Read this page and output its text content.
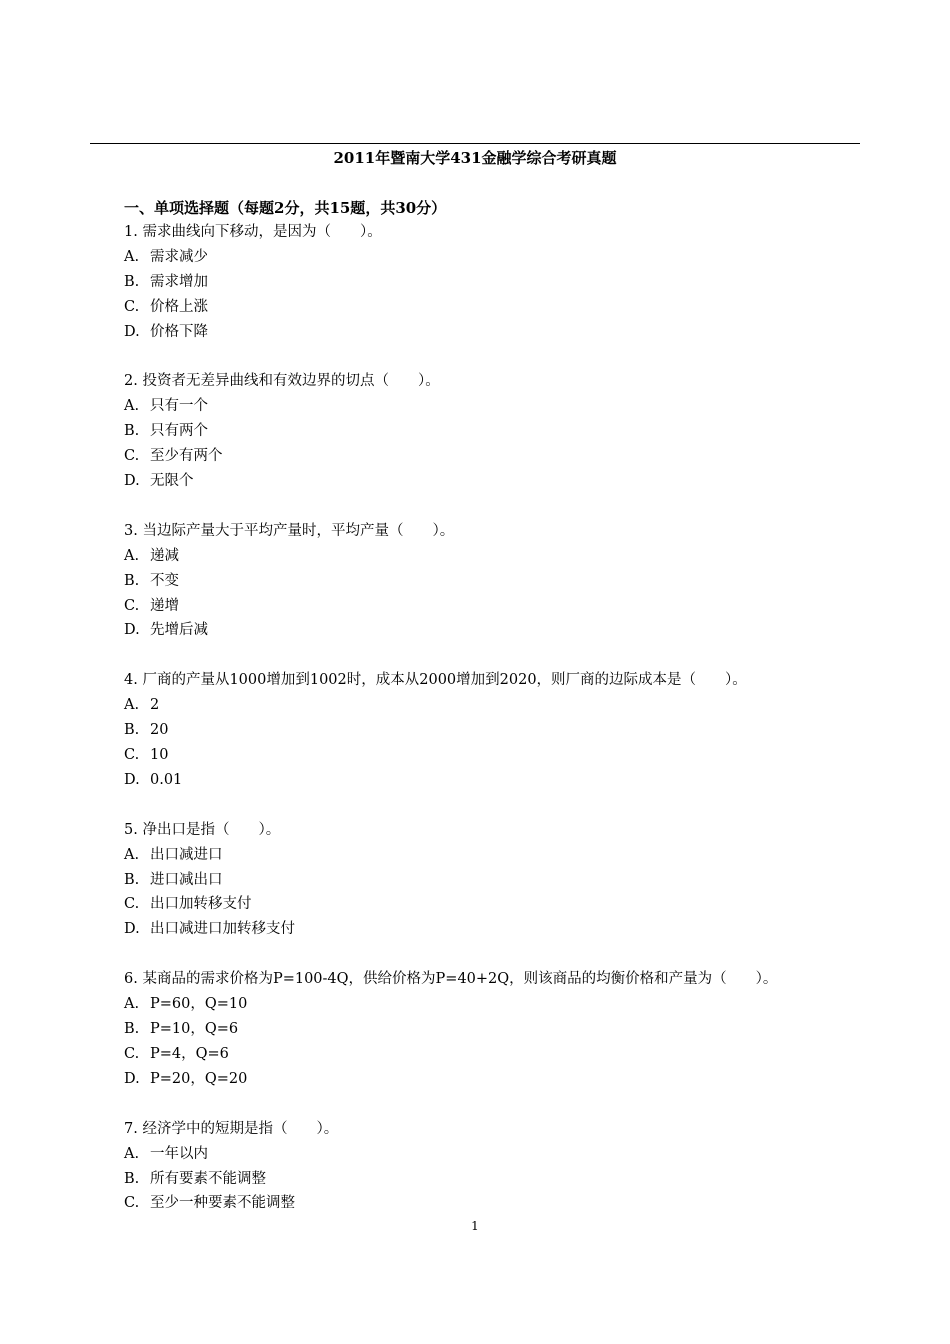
2011年暨南大学431金融学综合考研真题
一、单项选择题（每题2分，共15题，共30分）
1. 需求曲线向下移动，是因为（　　）。
A. 需求减少
B. 需求增加
C. 价格上涨
D. 价格下降
2. 投资者无差异曲线和有效边界的切点（　　）。
A. 只有一个
B. 只有两个
C. 至少有两个
D. 无限个
3. 当边际产量大于平均产量时，平均产量（　　）。
A. 递减
B. 不变
C. 递增
D. 先增后减
4. 厂商的产量从1000增加到1002时，成本从2000增加到2020，则厂商的边际成本是（　　）。
A. 2
B. 20
C. 10
D. 0.01
5. 净出口是指（　　）。
A. 出口减进口
B. 进口减出口
C. 出口加转移支付
D. 出口减进口加转移支付
6. 某商品的需求价格为P=100-4Q，供给价格为P=40+2Q，则该商品的均衡价格和产量为（　　）。
A. P=60，Q=10
B. P=10，Q=6
C. P=4，Q=6
D. P=20，Q=20
7. 经济学中的短期是指（　　）。
A. 一年以内
B. 所有要素不能调整
C. 至少一种要素不能调整
1
